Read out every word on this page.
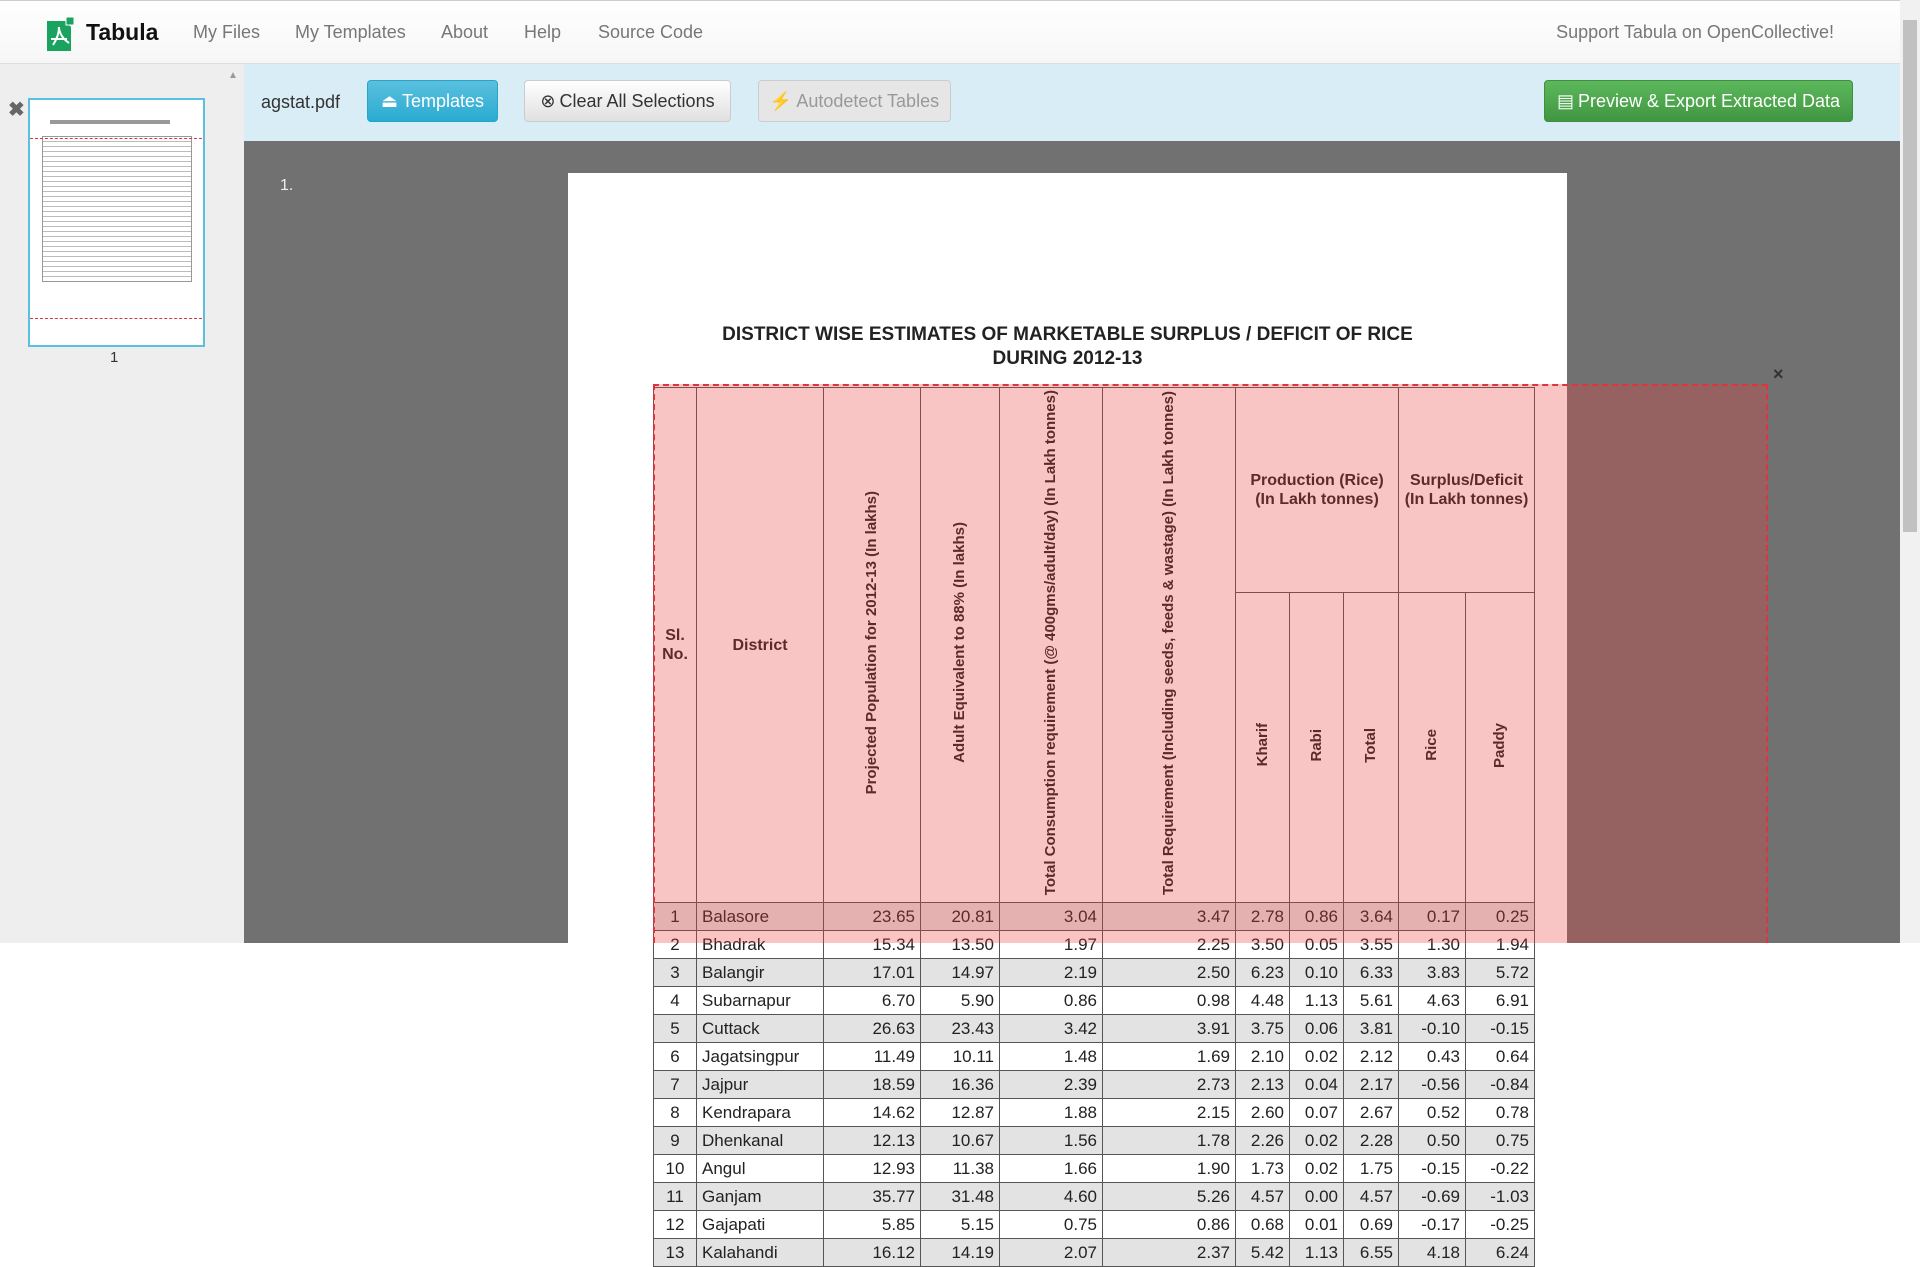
Tabula My Files My Templates About Help Source Code	Support Tabula on OpenCollective!
▲
✖
1
agstat.pdf ⏏ Templates	⊗ Clear All Selections	⚡ Autodetect Tables	▤ Preview & Export Extracted Data
1.
DISTRICT WISE ESTIMATES OF MARKETABLE SURPLUS / DEFICIT OF RICE
DURING 2012-13
Sl. No.	District	Projected Population for 2012-13 (In lakhs)	Adult Equivalent to 88% (In lakhs)	Total Consumption requirement (@ 400gms/adult/day) (In Lakh tonnes)	Total Requirement (Including seeds, feeds & wastage) (In Lakh tonnes)	Production (Rice) (In Lakh tonnes)			Surplus/Deficit (In Lakh tonnes)	
						Kharif	Rabi	Total	Rice	Paddy
1	Balasore	23.65	20.81	3.04	3.47	2.78	0.86	3.64	0.17	0.25
2	Bhadrak	15.34	13.50	1.97	2.25	3.50	0.05	3.55	1.30	1.94
3	Balangir	17.01	14.97	2.19	2.50	6.23	0.10	6.33	3.83	5.72
4	Subarnapur	6.70	5.90	0.86	0.98	4.48	1.13	5.61	4.63	6.91
5	Cuttack	26.63	23.43	3.42	3.91	3.75	0.06	3.81	-0.10	-0.15
6	Jagatsingpur	11.49	10.11	1.48	1.69	2.10	0.02	2.12	0.43	0.64
7	Jajpur	18.59	16.36	2.39	2.73	2.13	0.04	2.17	-0.56	-0.84
8	Kendrapara	14.62	12.87	1.88	2.15	2.60	0.07	2.67	0.52	0.78
9	Dhenkanal	12.13	10.67	1.56	1.78	2.26	0.02	2.28	0.50	0.75
10	Angul	12.93	11.38	1.66	1.90	1.73	0.02	1.75	-0.15	-0.22
11	Ganjam	35.77	31.48	4.60	5.26	4.57	0.00	4.57	-0.69	-1.03
12	Gajapati	5.85	5.15	0.75	0.86	0.68	0.01	0.69	-0.17	-0.25
13	Kalahandi	16.12	14.19	2.07	2.37	5.42	1.13	6.55	4.18	6.24
×
